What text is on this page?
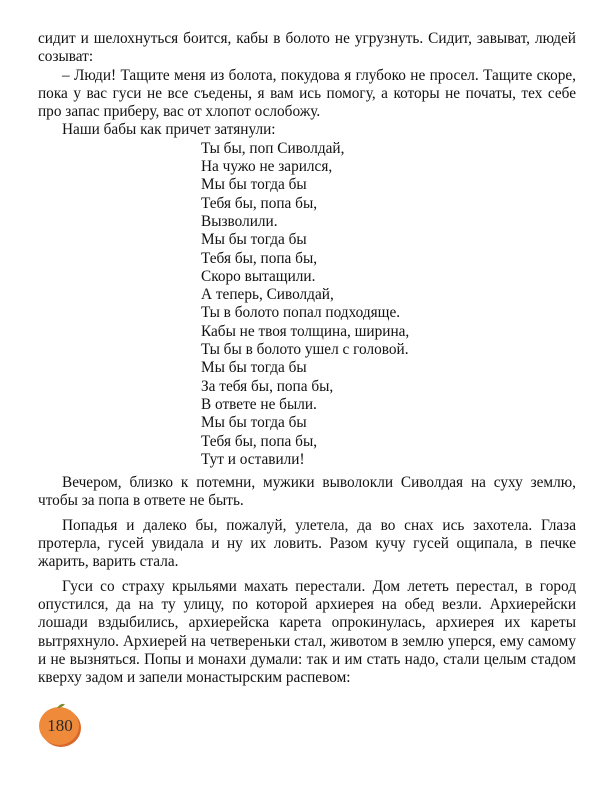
сидит и шелохнуться боится, кабы в болото не угрузнуть. Сидит, завыват, людей созыват:

– Люди! Тащите меня из болота, покудова я глубоко не просел. Тащите скоре, пока у вас гуси не все съедены, я вам ись помогу, а которы не початы, тех себе про запас приберу, вас от хлопот ослобожу.

Наши бабы как причет затянули:

Ты бы, поп Сиволдай,
На чужо не зарился,
Мы бы тогда бы
Тебя бы, попа бы,
Вызволили.
Мы бы тогда бы
Тебя бы, попа бы,
Скоро вытащили.
А теперь, Сиволдай,
Ты в болото попал подходяще.
Кабы не твоя толщина, ширина,
Ты бы в болото ушел с головой.
Мы бы тогда бы
За тебя бы, попа бы,
В ответе не были.
Мы бы тогда бы
Тебя бы, попа бы,
Тут и оставили!

Вечером, близко к потемни, мужики выволокли Сиволдая на суху землю, чтобы за попа в ответе не быть.

Попадья и далеко бы, пожалуй, улетела, да во снах ись захотела. Глаза протерла, гусей увидала и ну их ловить. Разом кучу гусей ощипала, в печке жарить, варить стала.

Гуси со страху крыльями махать перестали. Дом лететь перестал, в город опустился, да на ту улицу, по которой архиерея на обед везли. Архиерейски лошади вздыбились, архиерейска карета опрокинулась, архиерея их кареты вытряхнуло. Архиерей на четвереньки стал, животом в землю уперся, ему самому и не вызняться. Попы и монахи думали: так и им стать надо, стали целым стадом кверху задом и запели монастырским распевом:

180
